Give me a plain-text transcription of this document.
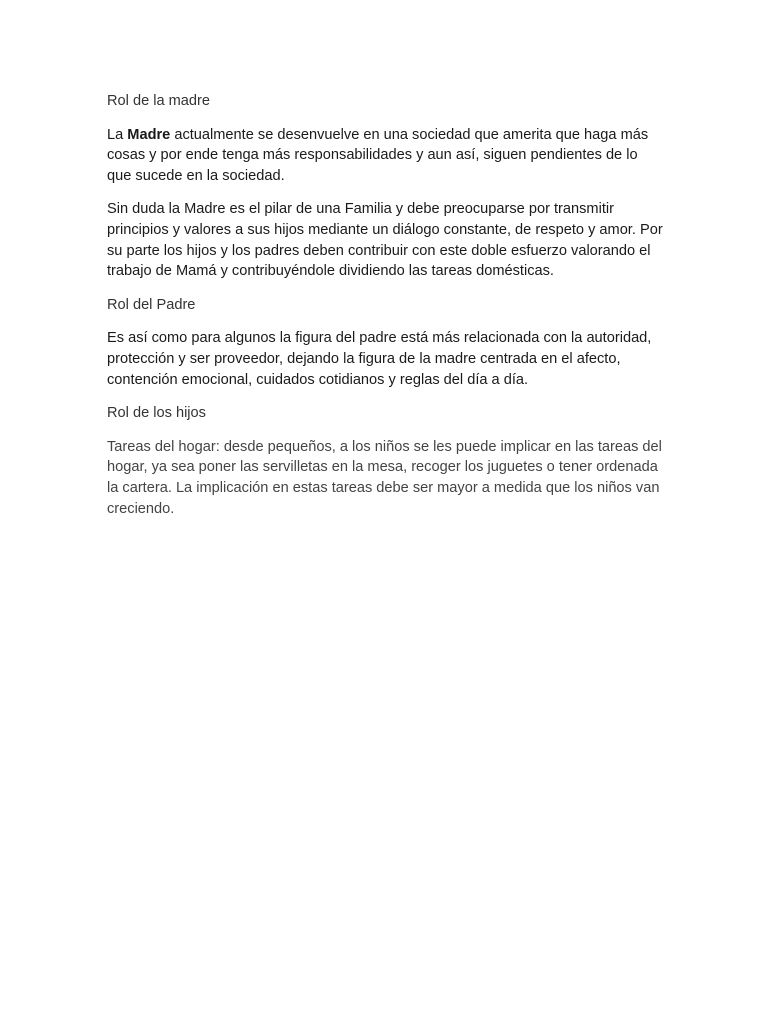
Rol de la madre

La Madre actualmente se desenvuelve en una sociedad que amerita que haga más cosas y por ende tenga más responsabilidades y aun así, siguen pendientes de lo que sucede en la sociedad.

Sin duda la Madre es el pilar de una Familia y debe preocuparse por transmitir principios y valores a sus hijos mediante un diálogo constante, de respeto y amor. Por su parte los hijos y los padres deben contribuir con este doble esfuerzo valorando el trabajo de Mamá y contribuyéndole dividiendo las tareas domésticas.

Rol del Padre

Es así como para algunos la figura del padre está más relacionada con la autoridad, protección y ser proveedor, dejando la figura de la madre centrada en el afecto, contención emocional, cuidados cotidianos y reglas del día a día.

Rol de los hijos

Tareas del hogar: desde pequeños, a los niños se les puede implicar en las tareas del hogar, ya sea poner las servilletas en la mesa, recoger los juguetes o tener ordenada la cartera. La implicación en estas tareas debe ser mayor a medida que los niños van creciendo.
